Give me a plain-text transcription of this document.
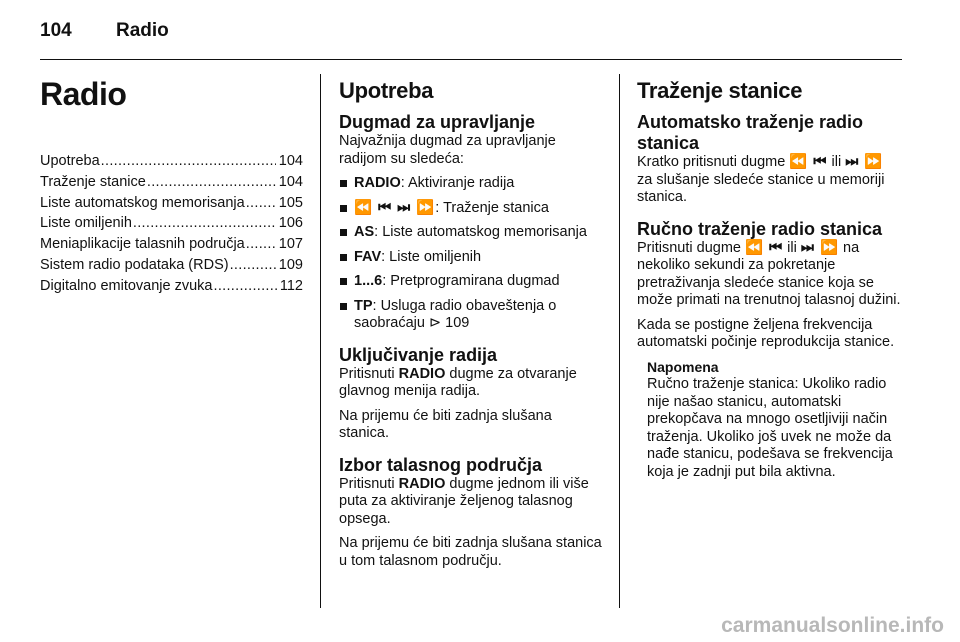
104 Radio
Radio
Upotreba .....	104
Traženje stanice .....	104
Liste automatskog memorisanja ..... 105
Liste omiljenih .....	106
Meniaplikacije talasnih područja ..... 107
Sistem radio podataka (RDS) .....	109
Digitalno emitovanje zvuka .....	112
Upotreba
Dugmad za upravljanje

Najvažnija dugmad za upravljanje radijom su sledeća:

RADIO: Aktiviranje radija
⏪ ⏮ ⏭ ⏩: Traženje stanica
AS: Liste automatskog memorisanja
FAV: Liste omiljenih
1...6: Pretprogramirana dugmad
TP: Usluga radio obaveštenja o saobraćaju ⊳ 109
Uključivanje radija

Pritisnuti RADIO dugme za otvaranje glavnog menija radija.

Na prijemu će biti zadnja slušana stanica.

Izbor talasnog područja

Pritisnuti RADIO dugme jednom ili više puta za aktiviranje željenog talasnog opsega.

Na prijemu će biti zadnja slušana stanica u tom talasnom području.

Traženje stanice
Automatsko traženje radio stanica

Kratko pritisnuti dugme ⏪ ⏮ ili ⏭ ⏩ za slušanje sledeće stanice u memoriji stanica.

Ručno traženje radio stanica

Pritisnuti dugme ⏪ ⏮ ili ⏭ ⏩ na nekoliko sekundi za pokretanje pretraživanja sledeće stanice koja se može primati na trenutnoj talasnoj dužini.

Kada se postigne željena frekvencija automatski počinje reprodukcija stanice.

Napomena

Ručno traženje stanica: Ukoliko radio nije našao stanicu, automatski prekopčava na mnogo osetljiviji način traženja. Ukoliko još uvek ne može da nađe stanicu, podešava se frekvencija koja je zadnji put bila aktivna.

carmanualsonline.info
